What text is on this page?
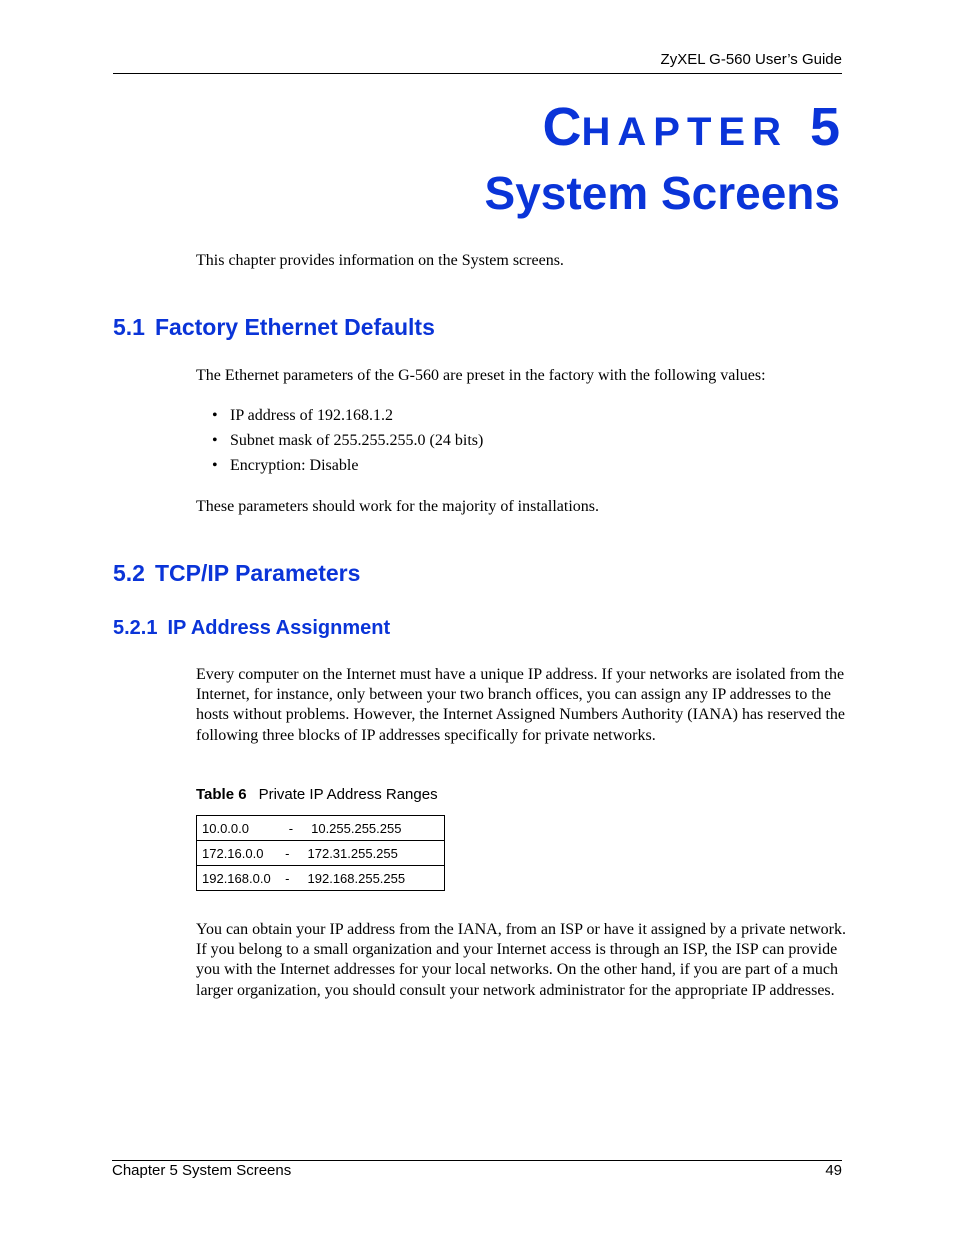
ZyXEL G-560 User’s Guide
CHAPTER 5
System Screens
This chapter provides information on the System screens.
5.1 Factory Ethernet Defaults
The Ethernet parameters of the G-560 are preset in the factory with the following values:
• IP address of 192.168.1.2
• Subnet mask of 255.255.255.0 (24 bits)
• Encryption: Disable
These parameters should work for the majority of installations.
5.2 TCP/IP Parameters
5.2.1 IP Address Assignment
Every computer on the Internet must have a unique IP address. If your networks are isolated from the Internet, for instance, only between your two branch offices, you can assign any IP addresses to the hosts without problems. However, the Internet Assigned Numbers Authority (IANA) has reserved the following three blocks of IP addresses specifically for private networks.
Table 6 Private IP Address Ranges
10.0.0.0           -     10.255.255.255
172.16.0.0      -     172.31.255.255
192.168.0.0    -     192.168.255.255
You can obtain your IP address from the IANA, from an ISP or have it assigned by a private network. If you belong to a small organization and your Internet access is through an ISP, the ISP can provide you with the Internet addresses for your local networks. On the other hand, if you are part of a much larger organization, you should consult your network administrator for the appropriate IP addresses.
Chapter 5 System Screens	49
